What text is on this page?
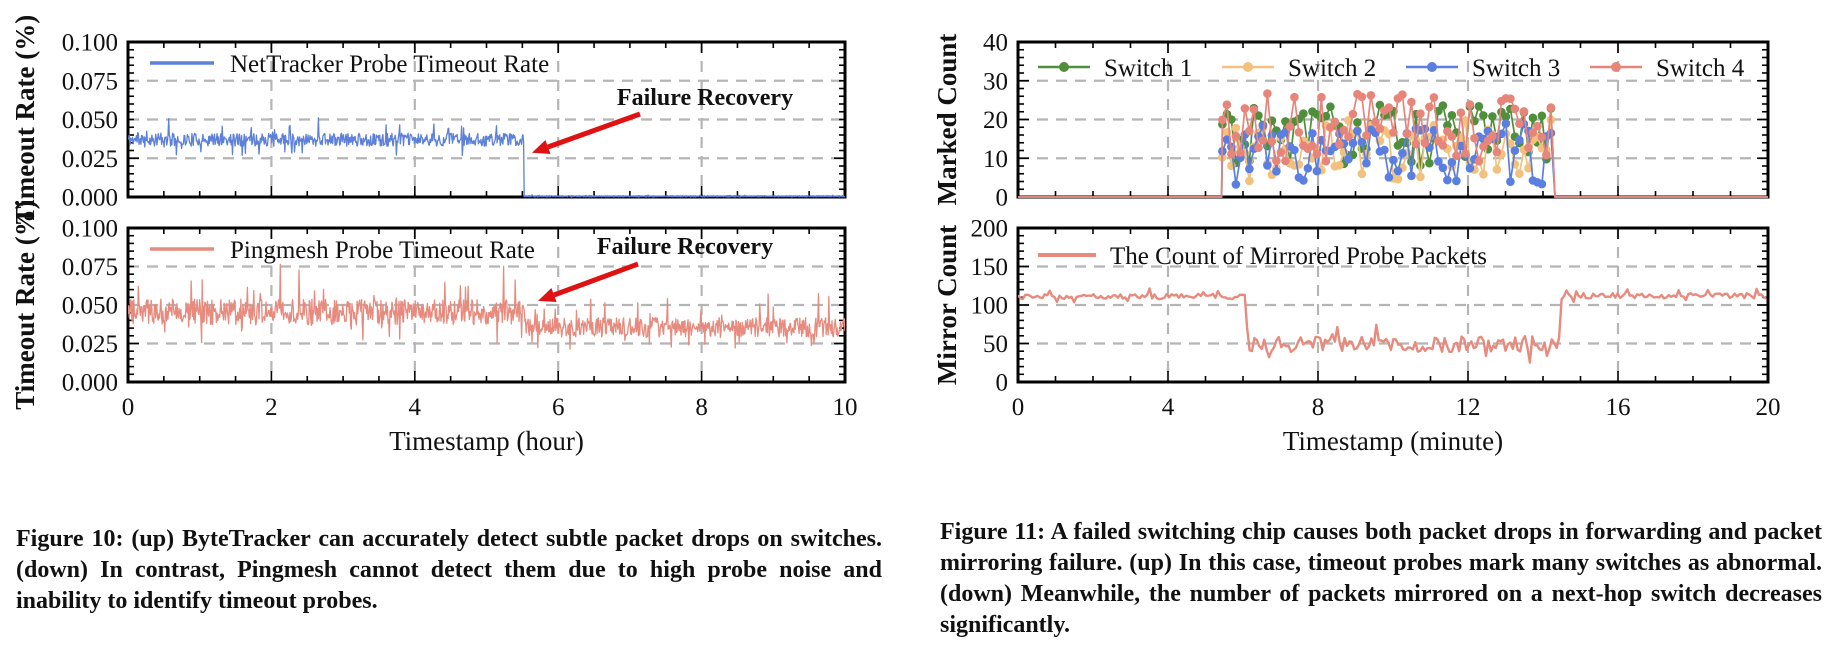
0.000
0.025
0.050
0.075
0.100
Timeout Rate (%)	NetTracker Probe Timeout Rate
Failure Recovery
0.000
0.025
0.050
0.075
0.100
0	2	4	6	8	10
Timestamp (hour)
Timeout Rate (%)	Pingmesh Probe Timeout Rate	Failure Recovery
0
10
20
30
40
Marked Count	Switch 1	Switch 2	Switch 3	Switch 4
0
50
100
150
200
0	4	8	12	16	20
Timestamp (minute)
Mirror Count	The Count of Mirrored Probe Packets
Figure 10: (up) ByteTracker can accurately detect subtle packet drops on switches. (down) In contrast, Pingmesh cannot detect them due to high probe noise and inability to identify timeout probes.
Figure 11: A failed switching chip causes both packet drops in forwarding and packet mirroring failure. (up) In this case, timeout probes mark many switches as abnormal. (down) Meanwhile, the number of packets mirrored on a next-hop switch decreases significantly.
